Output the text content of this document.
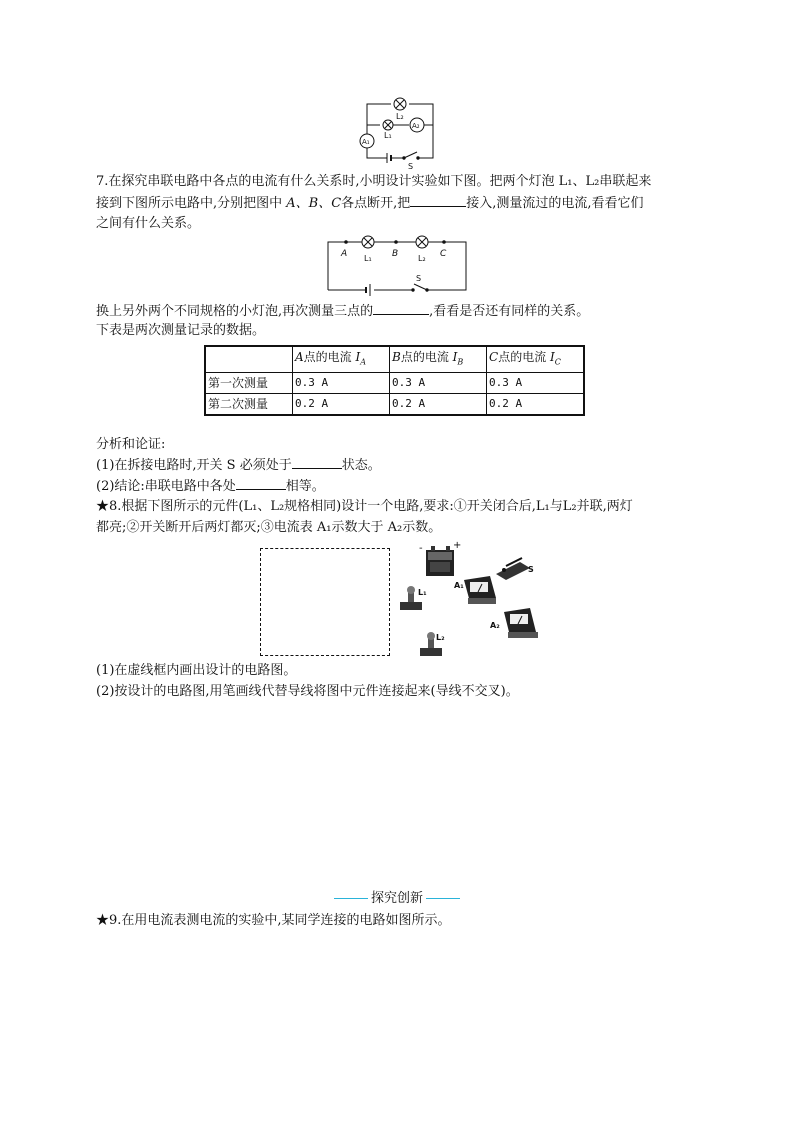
L₂
L₁
A₁
A₂
S
7.在探究串联电路中各点的电流有什么关系时,小明设计实验如下图。把两个灯泡 L₁、L₂串联起来
接到下图所示电路中,分别把图中 A、B、C各点断开,把	接入,测量流过的电流,看看它们
之间有什么关系。
A	B	C
L₁	L₂
S
换上另外两个不同规格的小灯泡,再次测量三点的	,看看是否还有同样的关系。
下表是两次测量记录的数据。
	A点的电流 $I_A$	B点的电流 $I_B$	C点的电流 $I_C$
第一次测量	0.3 A	0.3 A	0.3 A
第二次测量	0.2 A	0.2 A	0.2 A
分析和论证:
(1)在拆接电路时,开关 S 必须处于	状态。
(2)结论:串联电路中各处	相等。
★8.根据下图所示的元件(L₁、L₂规格相同)设计一个电路,要求:①开关闭合后,L₁与L₂并联,两灯
都亮;②开关断开后两灯都灭;③电流表 A₁示数大于 A₂示数。
-	+
S
A₁
L₁
A₂
L₂
(1)在虚线框内画出设计的电路图。
(2)按设计的电路图,用笔画线代替导线将图中元件连接起来(导线不交叉)。
探究创新
★9.在用电流表测电流的实验中,某同学连接的电路如图所示。
